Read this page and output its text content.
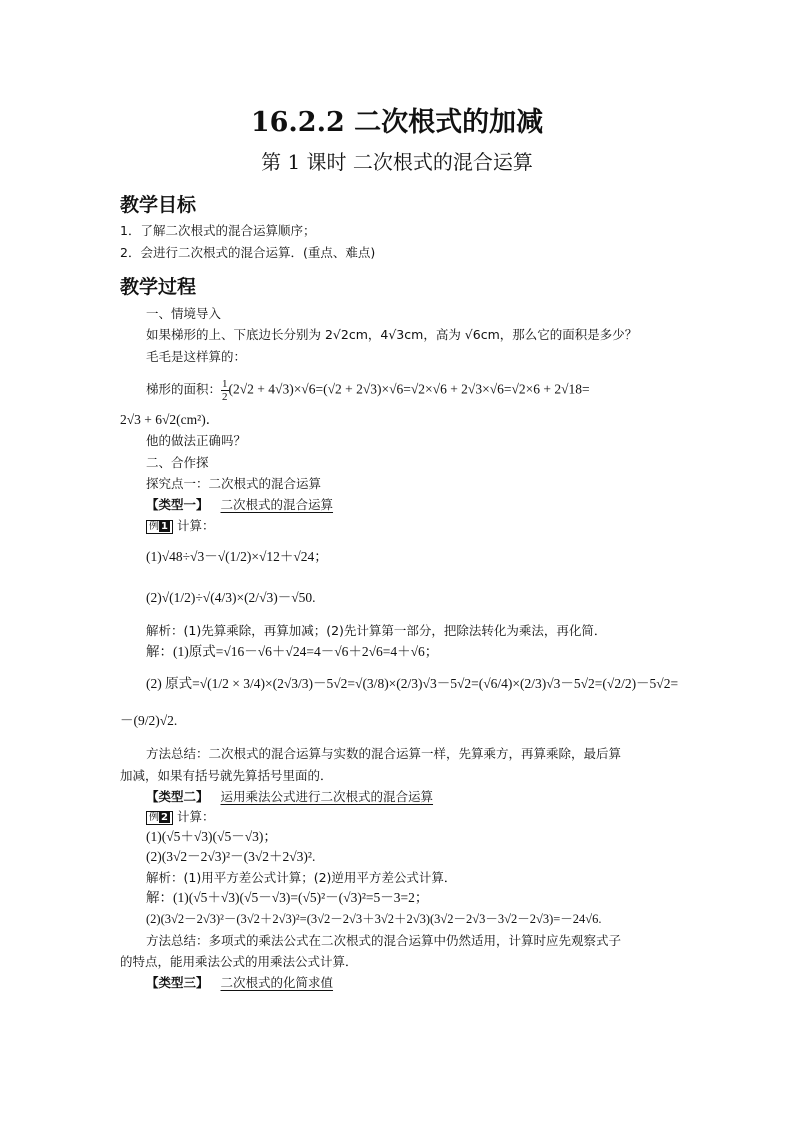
16.2.2 二次根式的加减
第 1 课时 二次根式的混合运算
教学目标
1．了解二次根式的混合运算顺序；
2．会进行二次根式的混合运算．(重点、难点)
教学过程
一、情境导入
如果梯形的上、下底边长分别为 2√2cm，4√3cm，高为 √6cm，那么它的面积是多少？
毛毛是这样算的：
梯形的面积： $\frac{1}{2} (2√2 + 4√3)\times√6=(√2 + 2√3)\times√6=√2\times√6 + 2√3\times√6=√2\times 6 + 2√18=$
2√3 + 6√2(cm²)．
他的做法正确吗？
二、合作探
探究点一：二次根式的混合运算
【类型一】 二次根式的混合运算
例 1 计算：
(1)√48÷√3－√(1/2)×√12＋√24；
(2)√(1/2)÷√(4/3)×(2/√3)－√50.
解析：(1)先算乘除，再算加减；(2)先计算第一部分，把除法转化为乘法，再化简．
解：(1)原式=√16－√6＋√24=4－√6＋2√6=4＋√6；
(2) 原式=√(1/2 × 3/4)×(2√3/3)－5√2=√(3/8)×(2/3)√3－5√2=(√6/4)×(2/3)√3－5√2=(√2/2)－5√2=
－(9/2)√2.
方法总结：二次根式的混合运算与实数的混合运算一样，先算乘方，再算乘除，最后算
加减，如果有括号就先算括号里面的．
【类型二】 运用乘法公式进行二次根式的混合运算
例 2 计算：
(1)(√5＋√3)(√5－√3)；
(2)(3√2－2√3)²－(3√2＋2√3)².
解析：(1)用平方差公式计算；(2)逆用平方差公式计算．
解：(1)(√5＋√3)(√5－√3)=(√5)²－(√3)²=5－3=2；
(2)(3√2－2√3)²－(3√2＋2√3)²=(3√2－2√3＋3√2＋2√3)(3√2－2√3－3√2－2√3)=－24√6.
方法总结：多项式的乘法公式在二次根式的混合运算中仍然适用，计算时应先观察式子
的特点，能用乘法公式的用乘法公式计算．
【类型三】 二次根式的化简求值
